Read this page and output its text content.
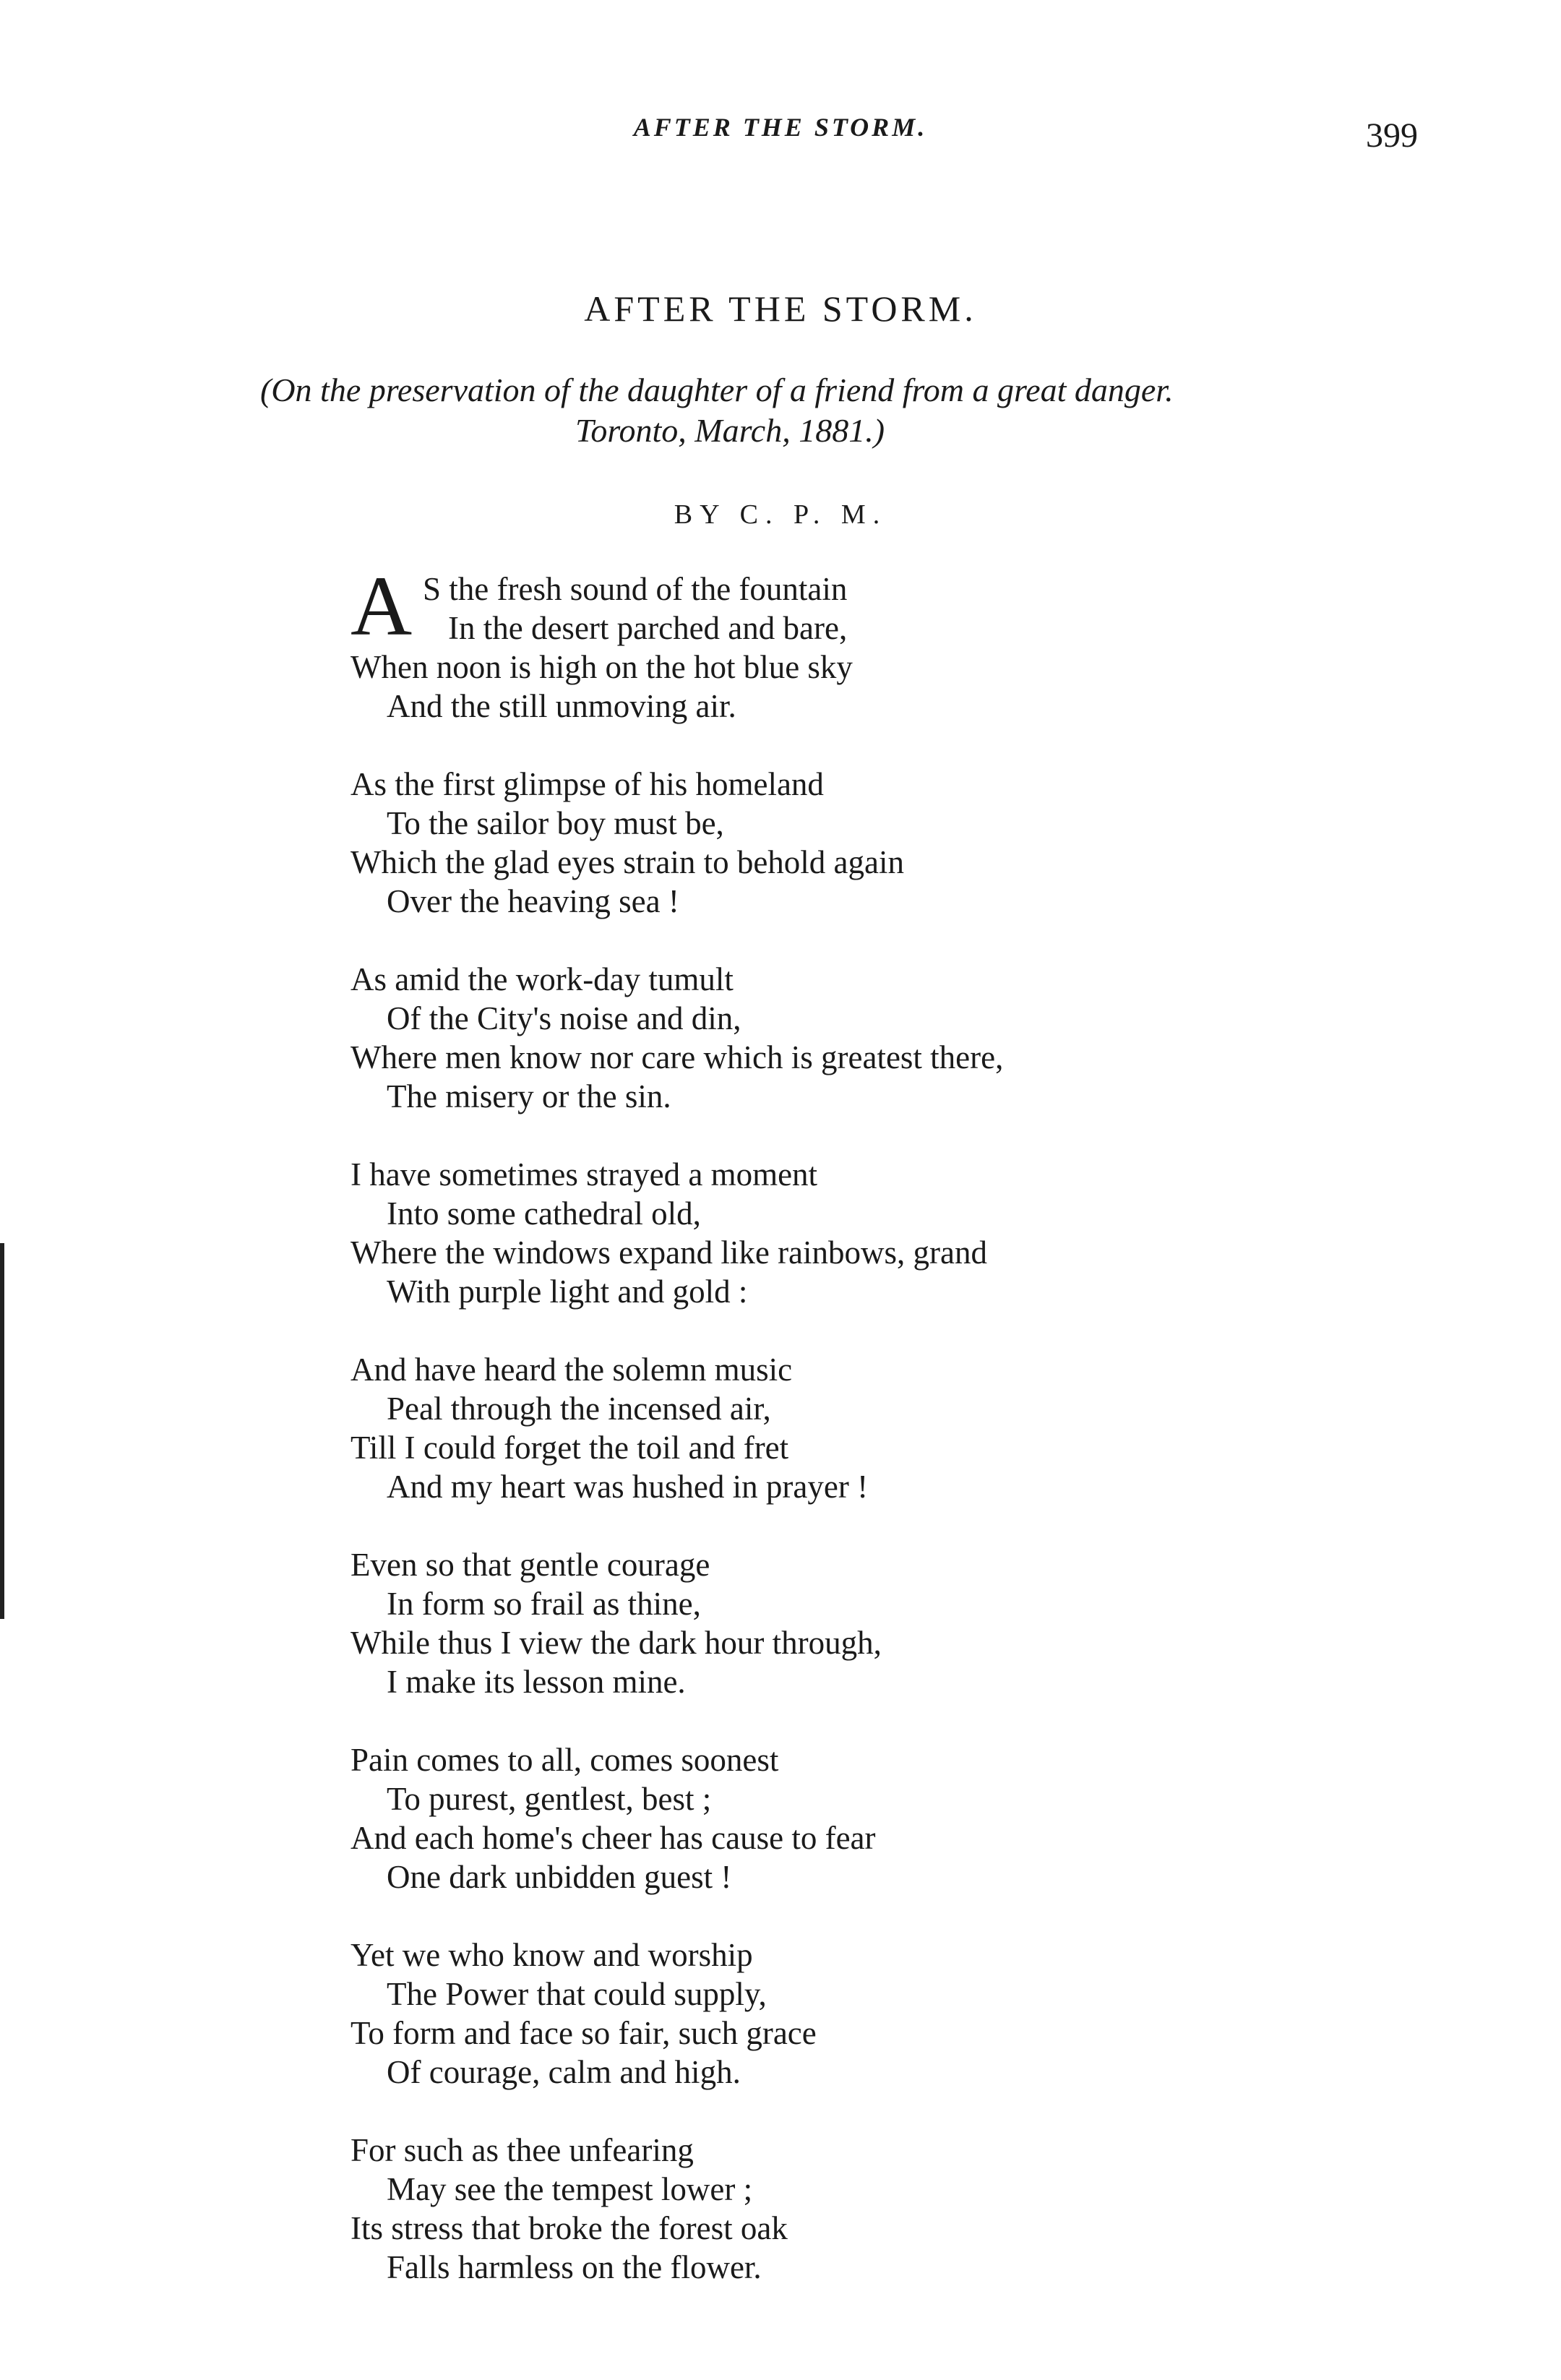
AFTER THE STORM.	399
AFTER THE STORM.
(On the preservation of the daughter of a friend from a great danger.
Toronto, March, 1881.)
BY C. P. M.
A S the fresh sound of the fountain
In the desert parched and bare,
When noon is high on the hot blue sky
And the still unmoving air.
As the first glimpse of his homeland
To the sailor boy must be,
Which the glad eyes strain to behold again
Over the heaving sea !
As amid the work-day tumult
Of the City's noise and din,
Where men know nor care which is greatest there,
The misery or the sin.
I have sometimes strayed a moment
Into some cathedral old,
Where the windows expand like rainbows, grand
With purple light and gold :
And have heard the solemn music
Peal through the incensed air,
Till I could forget the toil and fret
And my heart was hushed in prayer !
Even so that gentle courage
In form so frail as thine,
While thus I view the dark hour through,
I make its lesson mine.
Pain comes to all, comes soonest
To purest, gentlest, best ;
And each home's cheer has cause to fear
One dark unbidden guest !
Yet we who know and worship
The Power that could supply,
To form and face so fair, such grace
Of courage, calm and high.
For such as thee unfearing
May see the tempest lower ;
Its stress that broke the forest oak
Falls harmless on the flower.
